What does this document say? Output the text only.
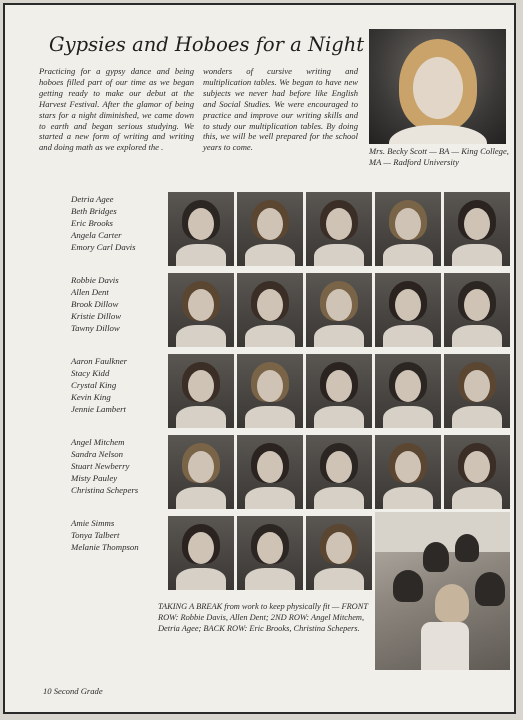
Gypsies and Hoboes for a Night
Practicing for a gypsy dance and being hoboes filled part of our time as we began getting ready to make our debut at the Harvest Festival. After the glamor of being stars for a night diminished, we came down to earth and began serious studying. We started a new form of writing and writing and doing math as we explored the .
wonders of cursive writing and multiplication tables. We began to have new subjects we never had before like English and Social Studies. We were encouraged to practice and improve our writing skills and to study our multiplication tables. By doing this, we will be well prepared for the school years to come.	Mrs. Becky Scott — BA — King College, MA — Radford University
Detria Agee
Beth Bridges
Eric Brooks
Angela Carter
Emory Carl Davis
Robbie Davis
Allen Dent
Brook Dillow
Kristie Dillow
Tawny Dillow
Aaron Faulkner
Stacy Kidd
Crystal King
Kevin King
Jennie Lambert
Angel Mitchem
Sandra Nelson
Stuart Newberry
Misty Pauley
Christina Schepers
Amie Simms
Tonya Talbert
Melanie Thompson
TAKING A BREAK from work to keep physically fit — FRONT ROW: Robbie Davis, Allen Dent; 2ND ROW: Angel Mitchem, Detria Agee; BACK ROW: Eric Brooks, Christina Schepers.
10 Second Grade
